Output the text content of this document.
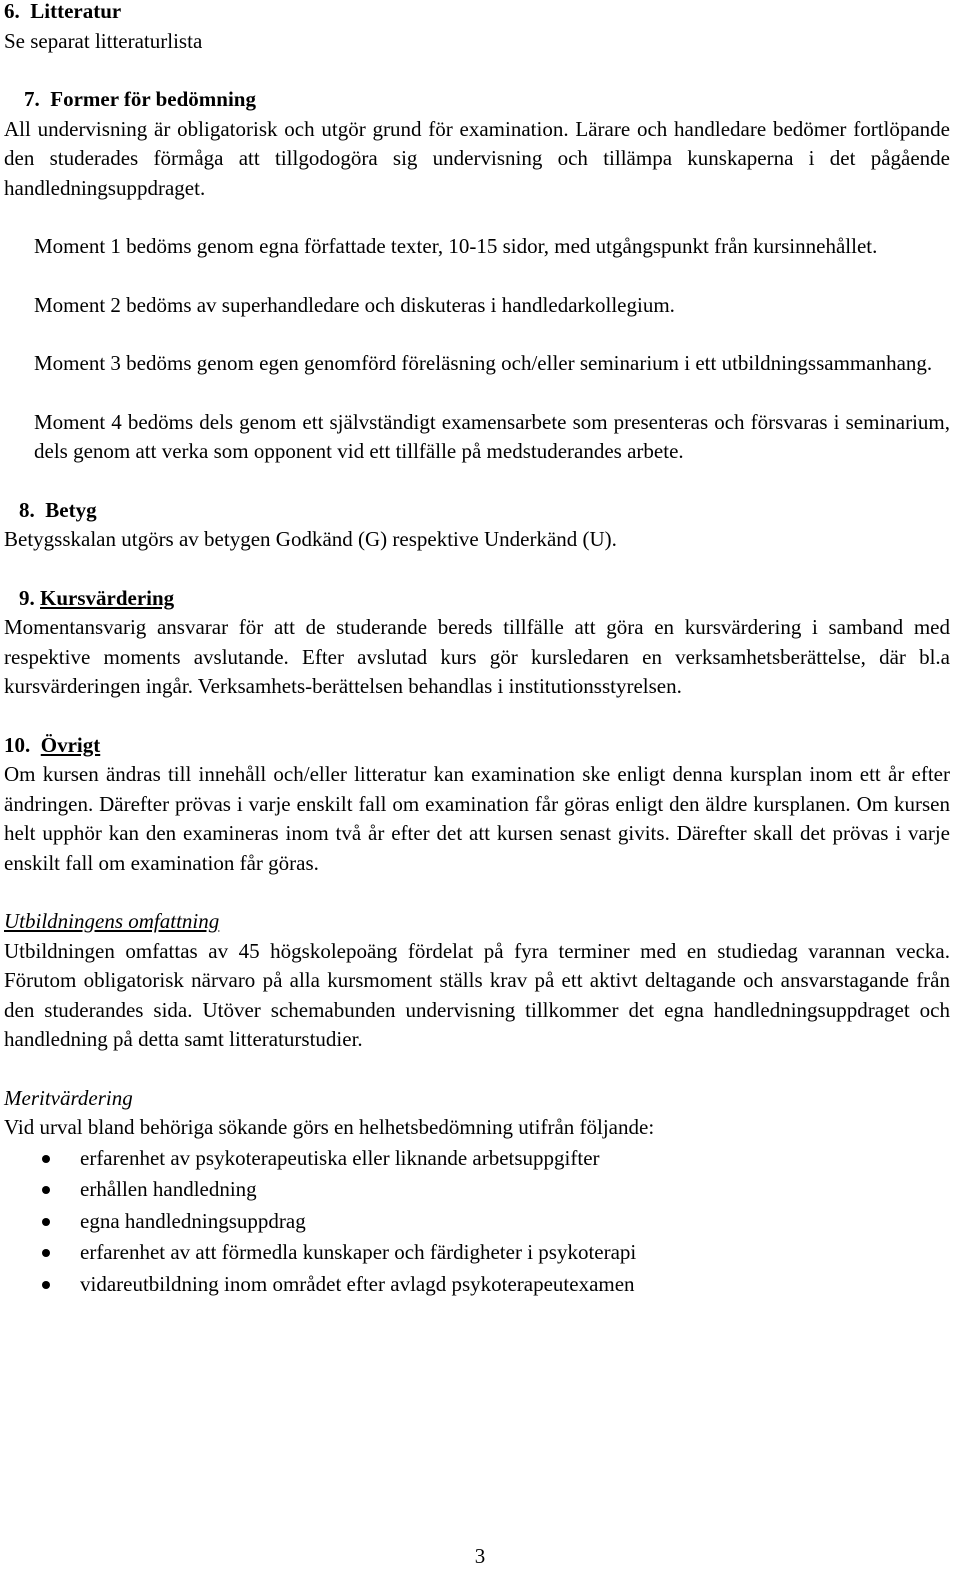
6. Litteratur

Se separat litteraturlista

7. Former för bedömning

All undervisning är obligatorisk och utgör grund för examination. Lärare och handledare bedömer fortlöpande den studerades förmåga att tillgodogöra sig undervisning och tillämpa kunskaperna i det pågående handledningsuppdraget.

Moment 1 bedöms genom egna författade texter, 10-15 sidor, med utgångspunkt från kursinnehållet.

Moment 2 bedöms av superhandledare och diskuteras i handledarkollegium.

Moment 3 bedöms genom egen genomförd föreläsning och/eller seminarium i ett utbildningssammanhang.

Moment 4 bedöms dels genom ett självständigt examensarbete som presenteras och försvaras i seminarium, dels genom att verka som opponent vid ett tillfälle på medstuderandes arbete.

8. Betyg

Betygsskalan utgörs av betygen Godkänd (G) respektive Underkänd (U).

9. Kursvärdering

Momentansvarig ansvarar för att de studerande bereds tillfälle att göra en kursvärdering i samband med respektive moments avslutande. Efter avslutad kurs gör kursledaren en verksamhetsberättelse, där bl.a kursvärderingen ingår. Verksamhets-berättelsen behandlas i institutionsstyrelsen.

10. Övrigt

Om kursen ändras till innehåll och/eller litteratur kan examination ske enligt denna kursplan inom ett år efter ändringen. Därefter prövas i varje enskilt fall om examination får göras enligt den äldre kursplanen. Om kursen helt upphör kan den examineras inom två år efter det att kursen senast givits. Därefter skall det prövas i varje enskilt fall om examination får göras.

Utbildningens omfattning

Utbildningen omfattas av 45 högskolepoäng fördelat på fyra terminer med en studiedag varannan vecka. Förutom obligatorisk närvaro på alla kursmoment ställs krav på ett aktivt deltagande och ansvarstagande från den studerandes sida. Utöver schemabunden undervisning tillkommer det egna handledningsuppdraget och handledning på detta samt litteraturstudier.

Meritvärdering

Vid urval bland behöriga sökande görs en helhetsbedömning utifrån följande:

erfarenhet av psykoterapeutiska eller liknande arbetsuppgifter
erhållen handledning
egna handledningsuppdrag
erfarenhet av att förmedla kunskaper och färdigheter i psykoterapi
vidareutbildning inom området efter avlagd psykoterapeutexamen
3
